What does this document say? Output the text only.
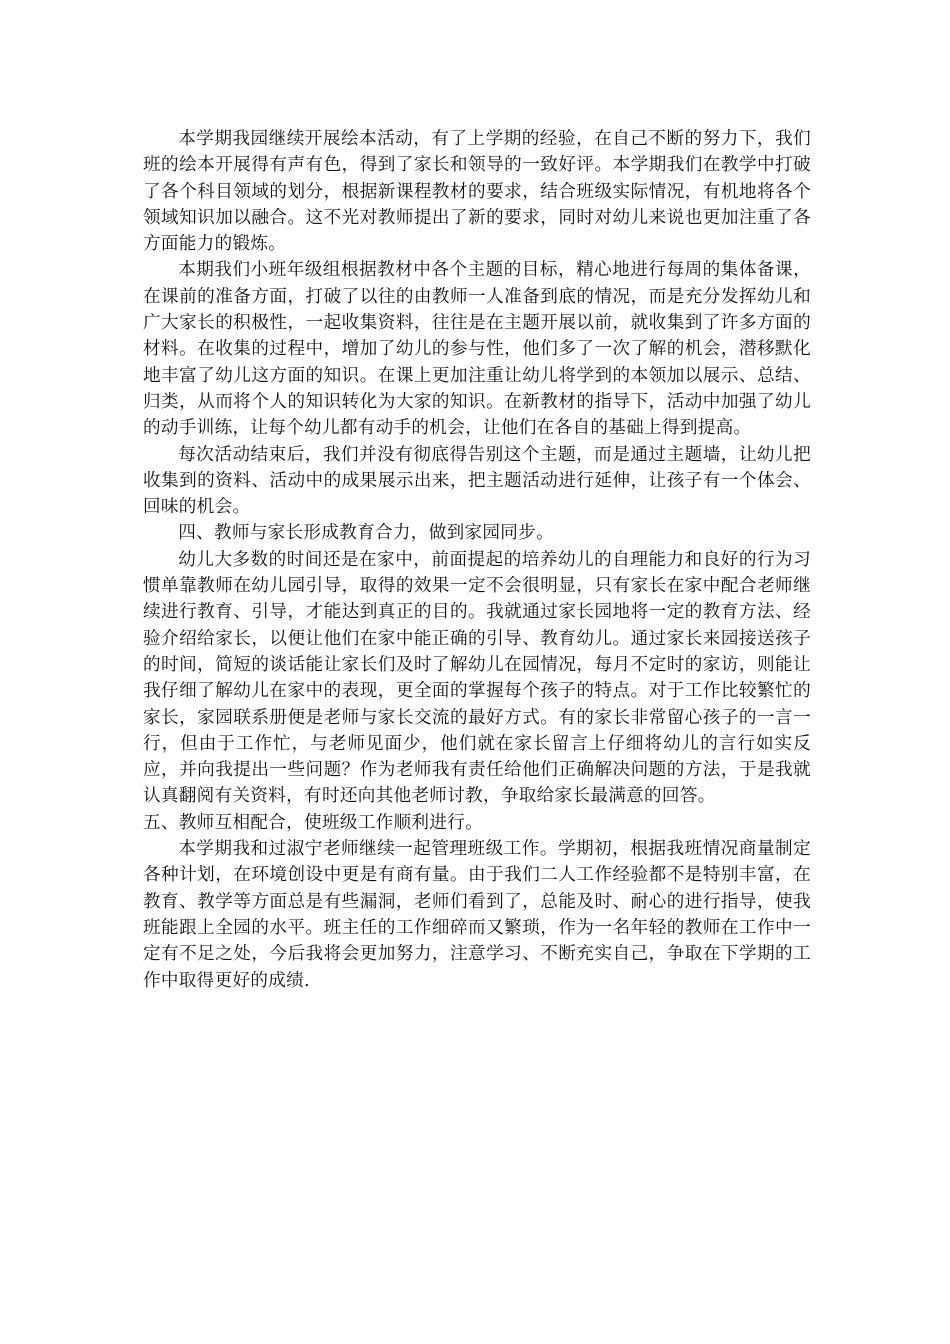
本学期我园继续开展绘本活动，有了上学期的经验，在自己不断的努力下，我们班的绘本开展得有声有色，得到了家长和领导的一致好评。本学期我们在教学中打破了各个科目领域的划分，根据新课程教材的要求，结合班级实际情况，有机地将各个领域知识加以融合。这不光对教师提出了新的要求，同时对幼儿来说也更加注重了各方面能力的锻炼。

本期我们小班年级组根据教材中各个主题的目标，精心地进行每周的集体备课，在课前的准备方面，打破了以往的由教师一人准备到底的情况，而是充分发挥幼儿和广大家长的积极性，一起收集资料，往往是在主题开展以前，就收集到了许多方面的材料。在收集的过程中，增加了幼儿的参与性，他们多了一次了解的机会，潜移默化地丰富了幼儿这方面的知识。在课上更加注重让幼儿将学到的本领加以展示、总结、归类，从而将个人的知识转化为大家的知识。在新教材的指导下，活动中加强了幼儿的动手训练，让每个幼儿都有动手的机会，让他们在各自的基础上得到提高。

每次活动结束后，我们并没有彻底得告别这个主题，而是通过主题墙，让幼儿把收集到的资料、活动中的成果展示出来，把主题活动进行延伸，让孩子有一个体会、回味的机会。

四、教师与家长形成教育合力，做到家园同步。

幼儿大多数的时间还是在家中，前面提起的培养幼儿的自理能力和良好的行为习惯单靠教师在幼儿园引导，取得的效果一定不会很明显，只有家长在家中配合老师继续进行教育、引导，才能达到真正的目的。我就通过家长园地将一定的教育方法、经验介绍给家长，以便让他们在家中能正确的引导、教育幼儿。通过家长来园接送孩子的时间，简短的谈话能让家长们及时了解幼儿在园情况，每月不定时的家访，则能让我仔细了解幼儿在家中的表现，更全面的掌握每个孩子的特点。对于工作比较繁忙的家长，家园联系册便是老师与家长交流的最好方式。有的家长非常留心孩子的一言一行，但由于工作忙，与老师见面少，他们就在家长留言上仔细将幼儿的言行如实反应，并向我提出一些问题？作为老师我有责任给他们正确解决问题的方法，于是我就认真翻阅有关资料，有时还向其他老师讨教，争取给家长最满意的回答。

五、教师互相配合，使班级工作顺利进行。

本学期我和过淑宁老师继续一起管理班级工作。学期初，根据我班情况商量制定各种计划，在环境创设中更是有商有量。由于我们二人工作经验都不是特别丰富，在教育、教学等方面总是有些漏洞，老师们看到了，总能及时、耐心的进行指导，使我班能跟上全园的水平。班主任的工作细碎而又繁琐，作为一名年轻的教师在工作中一定有不足之处，今后我将会更加努力，注意学习、不断充实自己，争取在下学期的工作中取得更好的成绩.
